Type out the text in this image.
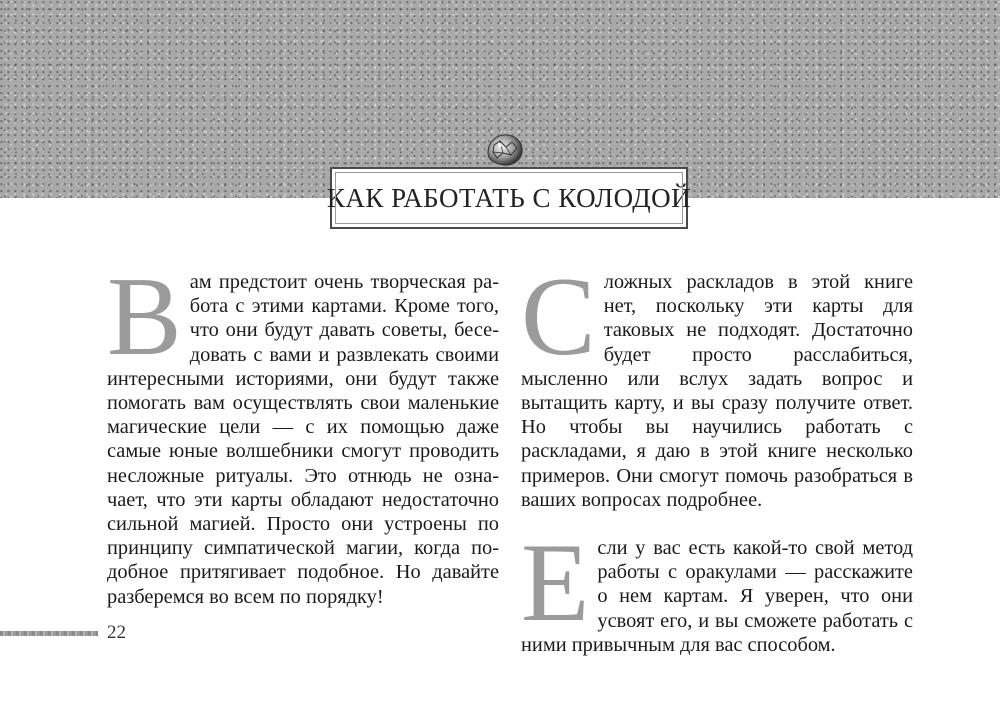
КАК РАБОТАТЬ С КОЛОДОЙ

Вам предстоит очень творческая работа с этими картами. Кроме того, что они будут давать советы, беседовать с вами и развлекать своими интересными историями, они будут также помогать вам осуществлять свои маленькие магические цели — с их помощью даже самые юные волшебники смогут проводить несложные ритуалы. Это отнюдь не означает, что эти карты обладают недостаточно сильной магией. Просто они устроены по принципу симпатической магии, когда подобное притягивает подобное. Но давайте разберемся во всем по порядку!

Сложных раскладов в этой книге нет, поскольку эти карты для таковых не подходят. Достаточно будет просто расслабиться, мысленно или вслух задать вопрос и вытащить карту, и вы сразу получите ответ. Но чтобы вы научились работать с раскладами, я даю в этой книге несколько примеров. Они смогут помочь разобраться в ваших вопросах подробнее.

Если у вас есть какой-то свой метод работы с оракулами — расскажите о нем картам. Я уверен, что они усвоят его, и вы сможете работать с ними привычным для вас способом.

22
